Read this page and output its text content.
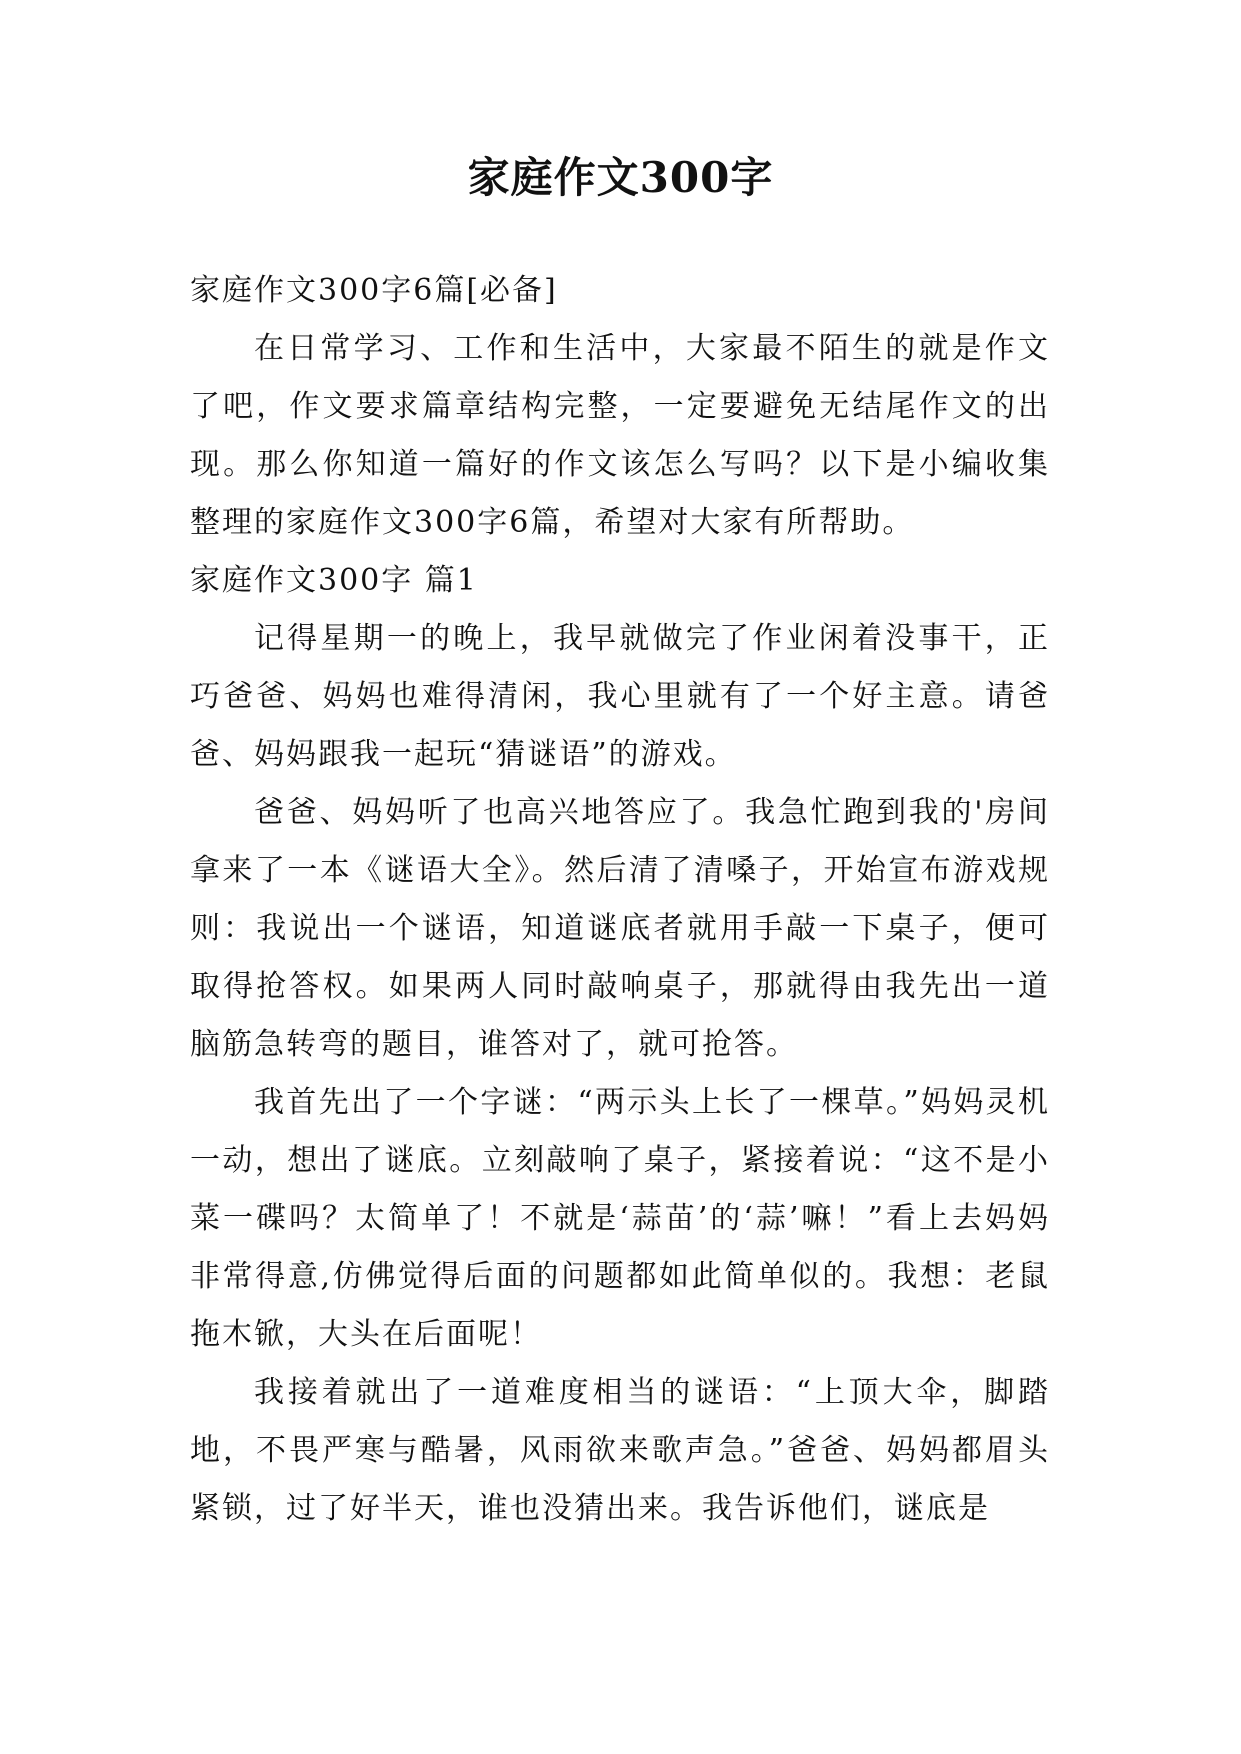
家庭作文300字

家庭作文300字6篇[必备]

在日常学习、工作和生活中，大家最不陌生的就是作文了吧，作文要求篇章结构完整，一定要避免无结尾作文的出现。那么你知道一篇好的作文该怎么写吗？以下是小编收集整理的家庭作文300字6篇，希望对大家有所帮助。

家庭作文300字 篇1

记得星期一的晚上，我早就做完了作业闲着没事干，正巧爸爸、妈妈也难得清闲，我心里就有了一个好主意。请爸爸、妈妈跟我一起玩“猜谜语”的游戏。

爸爸、妈妈听了也高兴地答应了。我急忙跑到我的'房间拿来了一本《谜语大全》。然后清了清嗓子，开始宣布游戏规则：我说出一个谜语，知道谜底者就用手敲一下桌子，便可取得抢答权。如果两人同时敲响桌子，那就得由我先出一道脑筋急转弯的题目，谁答对了，就可抢答。

我首先出了一个字谜：“两示头上长了一棵草。”妈妈灵机一动，想出了谜底。立刻敲响了桌子，紧接着说：“这不是小菜一碟吗？太简单了！不就是‘蒜苗’的‘蒜’嘛！”看上去妈妈非常得意,仿佛觉得后面的问题都如此简单似的。我想：老鼠拖木锨，大头在后面呢！

我接着就出了一道难度相当的谜语：“上顶大伞，脚踏地，不畏严寒与酷暑，风雨欲来歌声急。”爸爸、妈妈都眉头紧锁，过了好半天，谁也没猜出来。我告诉他们，谜底是
